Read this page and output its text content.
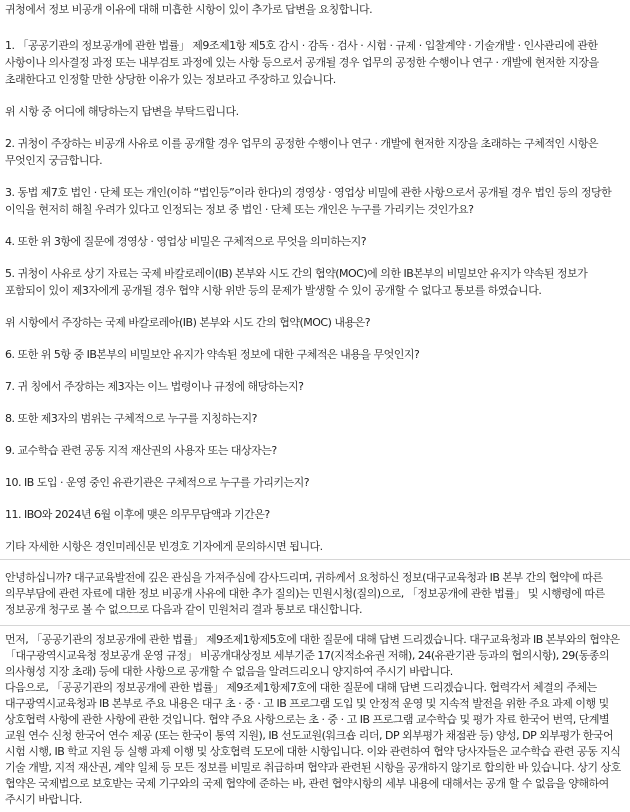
귀청에서 정보 비공개 이유에 대해 미흡한 시항이 있이 추가로 답변을 요칭합니다.

1. 「공공기관의 정보공개에 관한 법률」 제9조제1항 제5호 감시 · 감독 · 검사 · 시험 · 규제 · 입찰계약 · 기술개발 · 인사관리에 관한 사항이나 의사결정 과정 또는 내부검토 과정에 있는 사항 등으로서 공개될 경우 업무의 공정한 수행이나 연구 · 개발에 현저한 지장을 초래한다고 인정할 만한 상당한 이유가 있는 정보라고 주장하고 있습니다.

위 시항 중 어디에 해당하는지 답변을 부탁드립니다.

2. 귀청이 주장하는 비공개 사유로 이를 공개할 경우 업무의 공정한 수행이나 연구 · 개발에 현저한 지장을 초래하는 구체적인 시항은 무엇인지 궁금합니다.

3. 동법 제7호 법인 · 단체 또는 개인(이하 “법인등”이라 한다)의 경영상 · 영업상 비밀에 관한 사항으로서 공개될 경우 법인 등의 정당한 이익을 현저히 해칠 우려가 있다고 인정되는 정보 중 법인 · 단체 또는 개인은 누구를 가리키는 것인가요?

4. 또한 위 3항에 질문에 경영상 · 영업상 비밀은 구체적으로 무엇을 의미하는지?

5. 귀청이 사유로 상기 자료는 국제 바칼로레이(IB) 본부와 시도 간의 협약(MOC)에 의한 IB본부의 비밀보안 유지가 약속된 정보가 포함되이 있이 제3자에게 공개될 경우 협약 시항 위반 등의 문제가 발생할 수 있이 공개할 수 없다고 통보를 하였습니다.

위 시항에서 주장하는 국제 바칼로레아(IB) 본부와 시도 간의 협약(MOC) 내용은?

6. 또한 위 5항 중 IB본부의 비밀보안 유지가 약속된 정보에 대한 구체적은 내용을 무엇인지?

7. 귀 칭에서 주장하는 제3자는 이느 법령이나 규정에 해당하는지?

8. 또한 제3자의 범위는 구체적으로 누구를 지칭하는지?

9. 교수학습 관련 공동 지적 재산권의 사용자 또는 대상자는?

10. IB 도입 · 운영 중인 유관기관은 구체적으로 누구를 가리키는지?

11. IBO와 2024년 6월 이후에 맺은 의무무담액과 기간은?

기타 자세한 시항은 경인미레신문 빈경호 기자에게 문의하시면 됩니다.

안녕하십니까? 대구교육발전에 깊은 관심을 가져주심에 감사드리며, 귀하께서 요청하신 정보(대구교육청과 IB 본부 간의 협약에 따른 의무부담에 관련 자료에 대한 정보 비공개 사유에 대한 추가 질의)는 민원시청(질의)으로, 「정보공개에 관한 법률」 및 시행령에 따른 정보공개 청구로 볼 수 없으므로 다음과 같이 민원처리 결과 통보로 대신합니다.

먼저, 「공공기관의 정보공개에 관한 법률」 제9조제1항제5호에 대한 질문에 대해 답변 드리겠습니다. 대구교육청과 IB 본부와의 협약은 「대구광역시교육청 정보공개 운영 규정」 비공개대상정보 세부기준 17(지적소유권 저해), 24(유관기관 등과의 협의시항), 29(동종의 의사형성 지장 초래) 등에 대한 사항으로 공개할 수 없음을 알려드리오니 양지하여 주시기 바랍니다.
다음으로, 「공공기관의 정보공개에 관한 법률」 제9조제1항제7호에 대한 질문에 대해 답변 드리겠습니다. 협력각서 체결의 주체는 대구광역시교육청과 IB 본부로 주요 내용은 대구 초 · 중 · 고 IB 프로그램 도입 및 안정적 운영 및 지속적 발전을 위한 주요 과제 이행 및 상호협력 사항에 관한 사항에 관한 것입니다. 협약 주요 사항으로는 초 · 중 · 고 IB 프로그램 교수학습 및 평가 자료 한국어 번역, 단계별 교원 연수 신청 한국어 연수 제공 (또는 한국이 통역 지원), IB 선도교원(워크숍 리더, DP 외부평가 채점관 등) 양성, DP 외부평가 한국어 시험 시행, IB 학교 지원 등 실행 과제 이행 및 상호협력 도모에 대한 시항입니다. 이와 관련하여 협약 당사자들은 교수학습 관련 공동 지식 기술 개발, 지적 재산권, 계약 일체 등 모든 정보를 비밀로 취급하며 협약과 관련된 시항을 공개하지 않기로 합의한 바 있습니다. 상기 상호 협약은 국제법으로 보호받는 국제 기구와의 국제 협약에 준하는 바, 관련 협약시항의 세부 내용에 대해서는 공개 할 수 없음을 양해하여 주시기 바랍니다.
